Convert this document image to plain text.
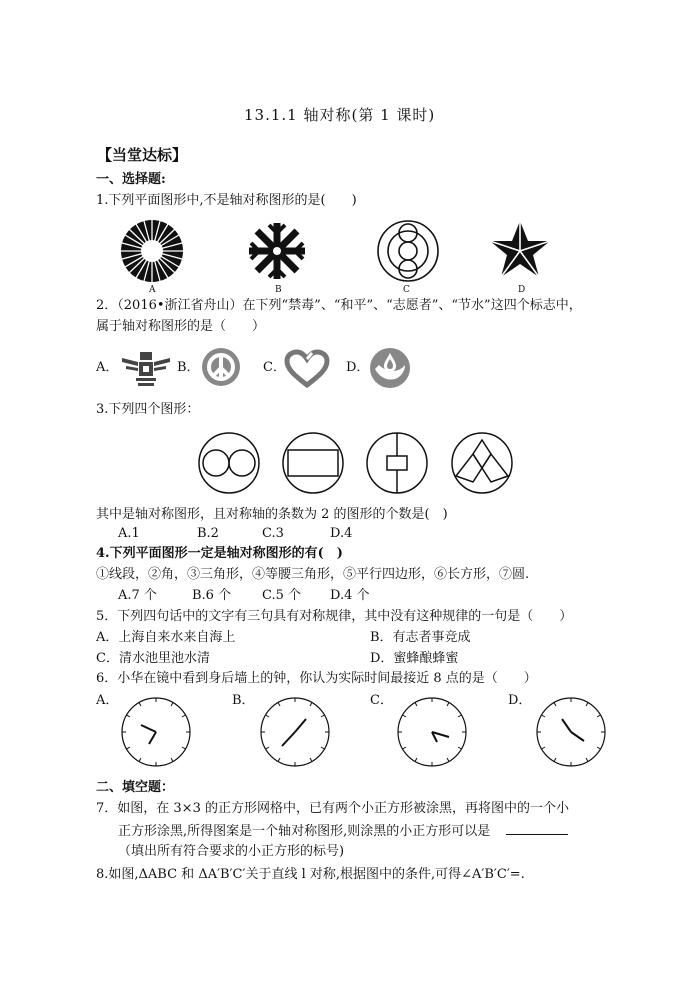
13.1.1 轴对称(第 1 课时)
【当堂达标】
一、选择题:
1.下列平面图形中,不是轴对称图形的是(　　)
A	B	C	D
2．（2016•浙江省舟山）在下列“禁毒”、“和平”、“志愿者”、“节水”这四个标志中，
属于轴对称图形的是（　　）
A．	B．	C．	D．
3.下列四个图形：
其中是轴对称图形，且对称轴的条数为 2 的图形的个数是(　)
A.1	B.2	C.3	D.4
4.下列平面图形一定是轴对称图形的有(　)
①线段，②角，③三角形，④等腰三角形，⑤平行四边形，⑥长方形，⑦圆.
A.7 个	B.6 个 C.5 个 D.4 个
5．下列四句话中的文字有三句具有对称规律，其中没有这种规律的一句是（　　）
A．上海自来水来自海上	B．有志者事竞成
C．清水池里池水清	D．蜜蜂酿蜂蜜
6．小华在镜中看到身后墙上的钟，你认为实际时间最接近 8 点的是（　　）
A．	B．	C．	D．
二、填空题：
7．如图，在 3×3 的正方形网格中，已有两个小正方形被涂黑，再将图中的一个小
正方形涂黑,所得图案是一个轴对称图形,则涂黑的小正方形可以是
（填出所有符合要求的小正方形的标号)
8.如图,ΔABC 和 ΔA′B′C′关于直线 l 对称,根据图中的条件,可得∠A′B′C′=.
